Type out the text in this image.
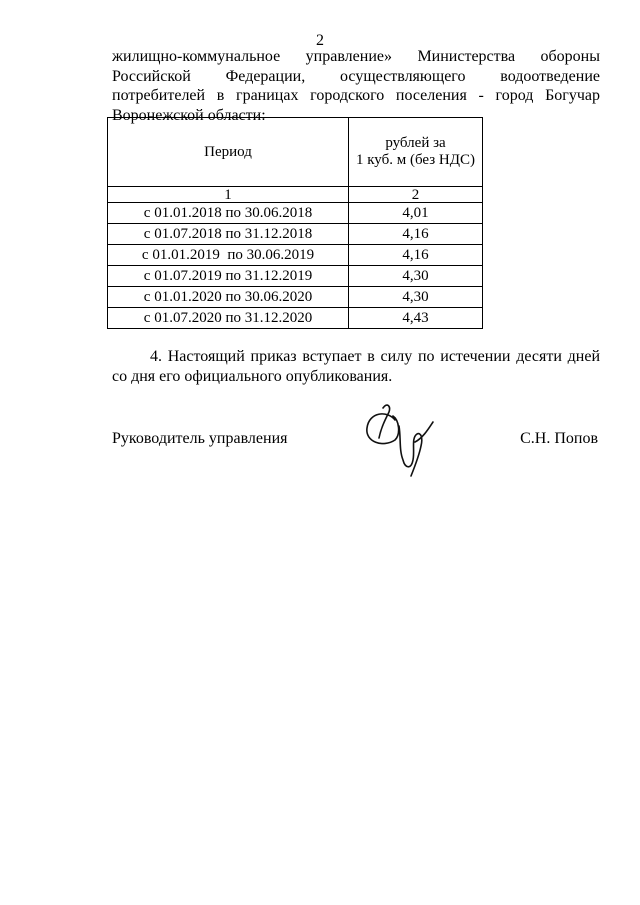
2

жилищно-коммунальное управление» Министерства обороны Российской Федерации, осуществляющего водоотведение потребителей в границах городского поселения - город Богучар Воронежской области:

Период	рублей за
1 куб. м (без НДС)
1	2
с 01.01.2018 по 30.06.2018	4,01
с 01.07.2018 по 31.12.2018	4,16
с 01.01.2019  по 30.06.2019	4,16
с 01.07.2019 по 31.12.2019	4,30
с 01.01.2020 по 30.06.2020	4,30
с 01.07.2020 по 31.12.2020	4,43

4. Настоящий приказ вступает в силу по истечении десяти дней со дня его официального опубликования.

Руководитель управления	С.Н. Попов
